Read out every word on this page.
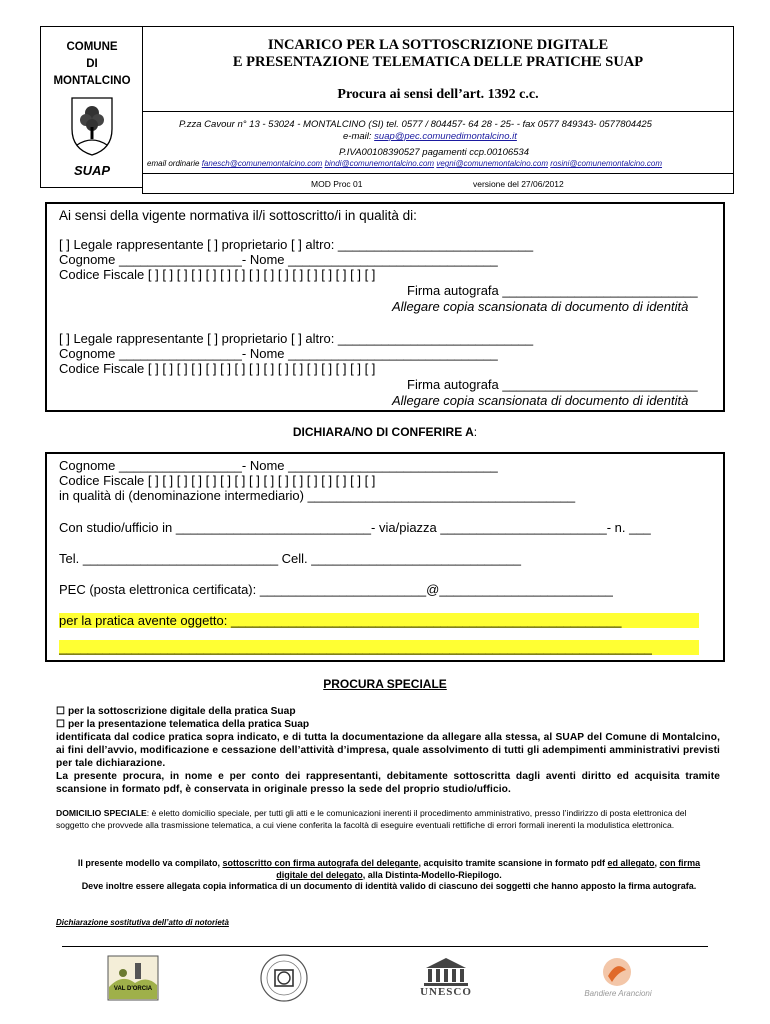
COMUNE
DI
MONTALCINO
SUAP
INCARICO PER LA SOTTOSCRIZIONE DIGITALE
E PRESENTAZIONE TELEMATICA DELLE PRATICHE SUAP
Procura ai sensi dell’art. 1392 c.c.
P.zza Cavour n° 13 - 53024 - MONTALCINO (SI) tel. 0577 / 804457- 64 28 - 25- - fax 0577 849343- 0577804425
e-mail: suap@pec.comunedimontalcino.it
P.IVA00108390527 pagamenti ccp.00106534
email ordinarie fanesch@comunemontalcino.com bindi@comunemontalcino.com vegni@comunemontalcino.com rosini@comunemontalcino.com
MOD Proc 01	versione del 27/06/2012
Ai sensi della vigente normativa il/i sottoscritto/i in qualità di:
[ ] Legale rappresentante [ ] proprietario [ ] altro: ___________________________
Cognome _________________- Nome _____________________________
Codice Fiscale [ ] [ ] [ ] [ ] [ ] [ ] [ ] [ ] [ ] [ ] [ ] [ ] [ ] [ ] [ ] [ ]
Firma autografa ___________________________
Allegare copia scansionata di documento di identità
[ ] Legale rappresentante [ ] proprietario [ ] altro: ___________________________
Cognome _________________- Nome _____________________________
Codice Fiscale [ ] [ ] [ ] [ ] [ ] [ ] [ ] [ ] [ ] [ ] [ ] [ ] [ ] [ ] [ ] [ ]
Firma autografa ___________________________
Allegare copia scansionata di documento di identità
DICHIARA/NO DI CONFERIRE A:
Cognome _________________- Nome _____________________________
Codice Fiscale [ ] [ ] [ ] [ ] [ ] [ ] [ ] [ ] [ ] [ ] [ ] [ ] [ ] [ ] [ ] [ ]
in qualità di (denominazione intermediario) _____________________________________
Con studio/ufficio in ___________________________- via/piazza _______________________- n. ___
Tel. ___________________________ Cell. _____________________________
PEC (posta elettronica certificata): _______________________@________________________
per la pratica avente oggetto: ______________________________________________________
__________________________________________________________________________________
PROCURA SPECIALE
☐ per la sottoscrizione digitale della pratica Suap
☐ per la presentazione telematica della pratica Suap
identificata dal codice pratica sopra indicato, e di tutta la documentazione da allegare alla stessa, al SUAP del Comune di Montalcino, ai fini dell’avvio, modificazione e cessazione dell’attività d’impresa, quale assolvimento di tutti gli adempimenti amministrativi previsti per tale dichiarazione.
La presente procura, in nome e per conto dei rappresentanti, debitamente sottoscritta dagli aventi diritto ed acquisita tramite scansione in formato pdf, è conservata in originale presso la sede del proprio studio/ufficio.
DOMICILIO SPECIALE: è eletto domicilio speciale, per tutti gli atti e le comunicazioni inerenti il procedimento amministrativo, presso l’indirizzo di posta elettronica del soggetto che provvede alla trasmissione telematica, a cui viene conferita la facoltà di eseguire eventuali rettifiche di errori formali inerenti la modulistica elettronica.
Il presente modello va compilato, sottoscritto con firma autografa del delegante, acquisito tramite scansione in formato pdf ed allegato, con firma digitale del delegato, alla Distinta-Modello-Riepilogo.
Deve inoltre essere allegata copia informatica di un documento di identità valido di ciascuno dei soggetti che hanno apposto la firma autografa.
Dichiarazione sostitutiva dell’atto di notorietà
VAL D'ORCIA	UNESCO	Bandiere Arancioni
